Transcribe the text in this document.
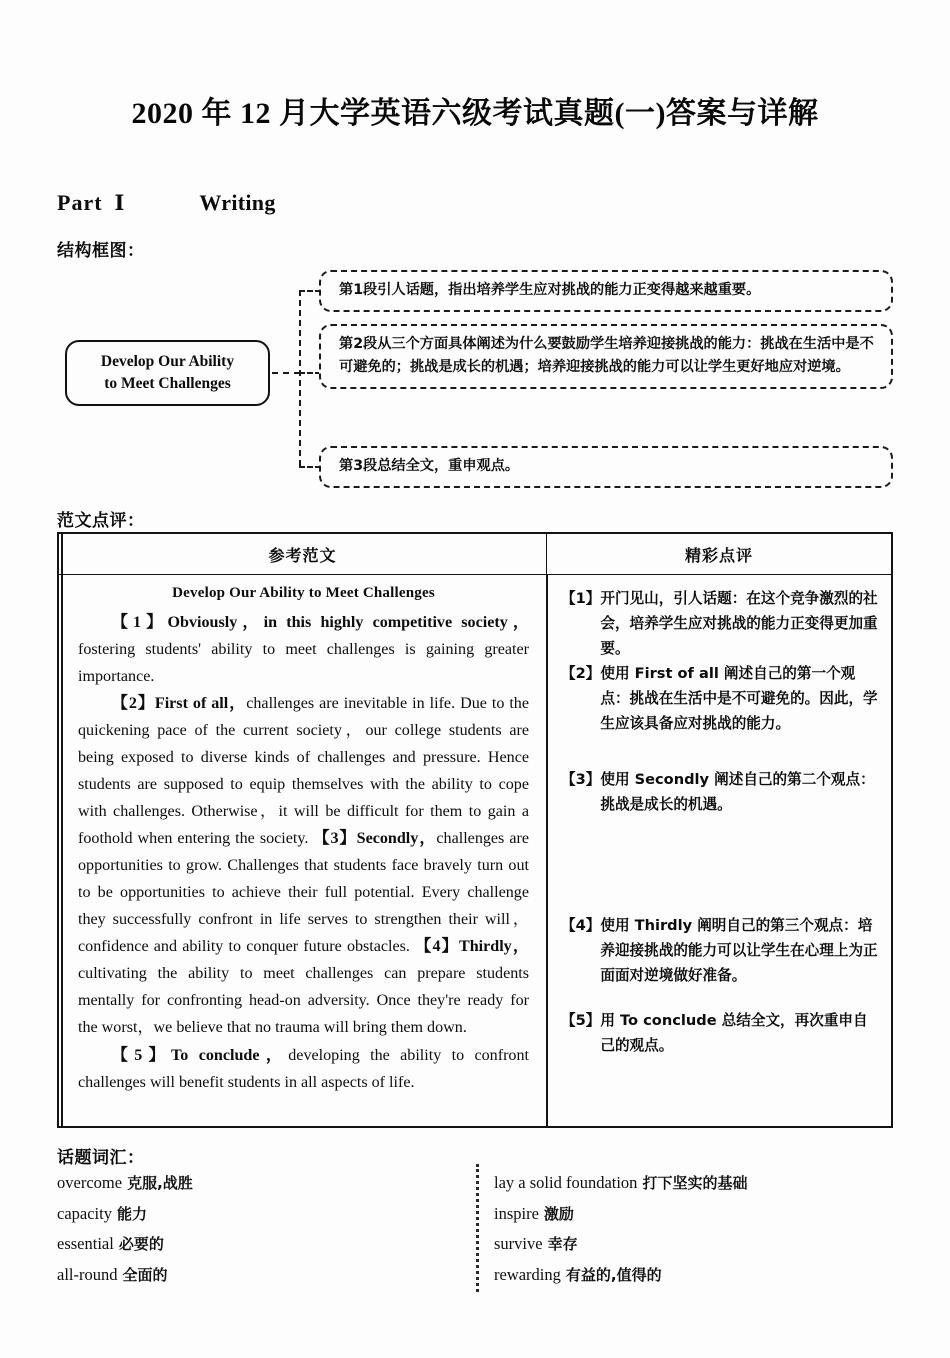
2020 年 12 月大学英语六级考试真题(一)答案与详解
Part Ⅰ	Writing
结构框图：
范文点评：
话题词汇：
Develop Our Ability
to Meet Challenges
第1段引人话题，指出培养学生应对挑战的能力正变得越来越重要。
第2段从三个方面具体阐述为什么要鼓励学生培养迎接挑战的能力：挑战在生活中是不可避免的；挑战是成长的机遇；培养迎接挑战的能力可以让学生更好地应对逆境。
第3段总结全文，重申观点。
参考范文	精彩点评
Develop Our Ability to Meet Challenges

【1】Obviously，in this highly competitive society，fostering students' ability to meet challenges is gaining greater importance.

【2】First of all，challenges are inevitable in life. Due to the quickening pace of the current society，our college students are being exposed to diverse kinds of challenges and pressure. Hence students are supposed to equip themselves with the ability to cope with challenges. Otherwise，it will be difficult for them to gain a foothold when entering the society. 【3】Secondly，challenges are opportunities to grow. Challenges that students face bravely turn out to be opportunities to achieve their full potential. Every challenge they successfully confront in life serves to strengthen their will，confidence and ability to conquer future obstacles. 【4】Thirdly，cultivating the ability to meet challenges can prepare students mentally for confronting head-on adversity. Once they're ready for the worst，we believe that no trauma will bring them down.

【5】To conclude，developing the ability to confront challenges will benefit students in all aspects of life.

【1】 开门见山，引人话题：在这个竞争激烈的社会，培养学生应对挑战的能力正变得更加重要。
【2】 使用 First of all 阐述自己的第一个观点：挑战在生活中是不可避免的。因此，学生应该具备应对挑战的能力。
【3】 使用 Secondly 阐述自己的第二个观点：挑战是成长的机遇。
【4】 使用 Thirdly 阐明自己的第三个观点：培养迎接挑战的能力可以让学生在心理上为正面面对逆境做好准备。
【5】 用 To conclude 总结全文，再次重申自己的观点。
overcome 克服,战胜
capacity 能力
essential 必要的
all-round 全面的
lay a solid foundation 打下坚实的基础
inspire 激励
survive 幸存
rewarding 有益的,值得的
